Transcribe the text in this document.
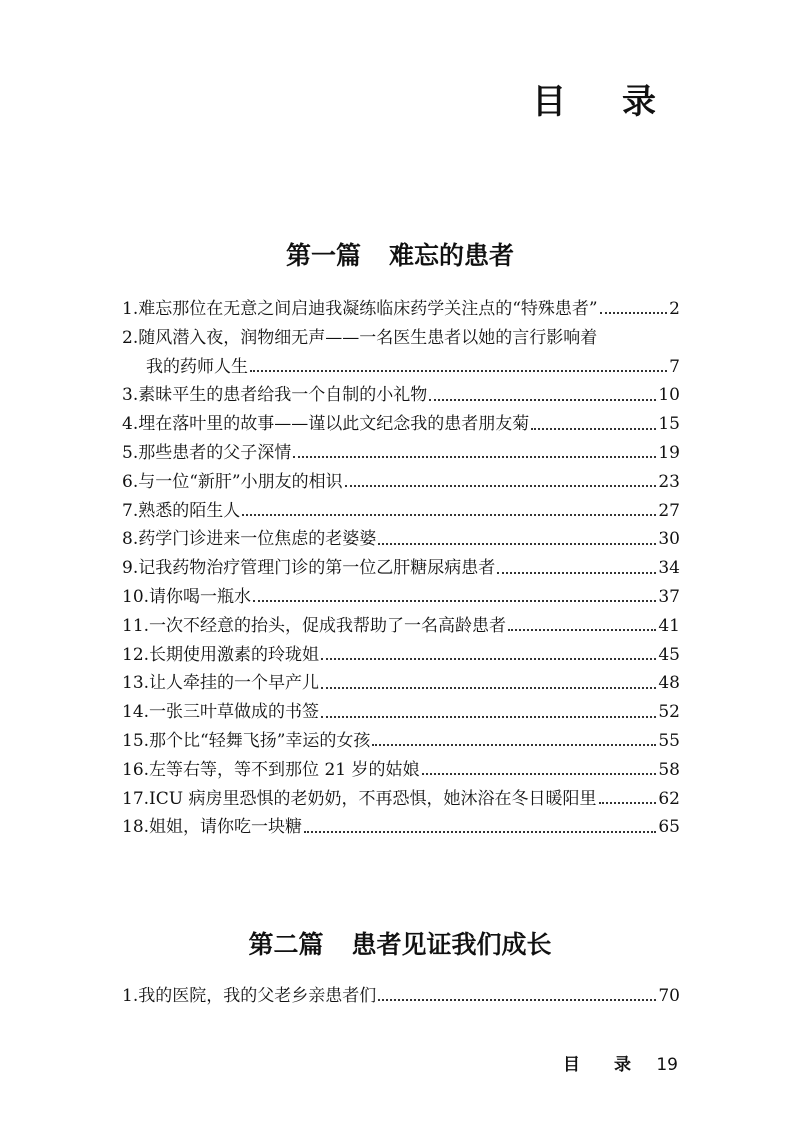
目 录
第一篇 难忘的患者
1. 难忘那位在无意之间启迪我凝练临床药学关注点的“特殊患者”	2
2. 随风潜入夜，润物细无声——一名医生患者以她的言行影响着
我的药师人生	7
3. 素昧平生的患者给我一个自制的小礼物	10
4. 埋在落叶里的故事——谨以此文纪念我的患者朋友菊	15
5. 那些患者的父子深情	19
6. 与一位“新肝”小朋友的相识	23
7. 熟悉的陌生人	27
8. 药学门诊进来一位焦虑的老婆婆	30
9. 记我药物治疗管理门诊的第一位乙肝糖尿病患者	34
10. 请你喝一瓶水	37
11. 一次不经意的抬头，促成我帮助了一名高龄患者	41
12. 长期使用激素的玲珑姐	45
13. 让人牵挂的一个早产儿	48
14. 一张三叶草做成的书签	52
15. 那个比“轻舞飞扬”幸运的女孩	55
16. 左等右等，等不到那位 21 岁的姑娘	58
17. ICU 病房里恐惧的老奶奶，不再恐惧，她沐浴在冬日暖阳里	62
18. 姐姐，请你吃一块糖	65
第二篇 患者见证我们成长
1. 我的医院，我的父老乡亲患者们	70
目 录 19
